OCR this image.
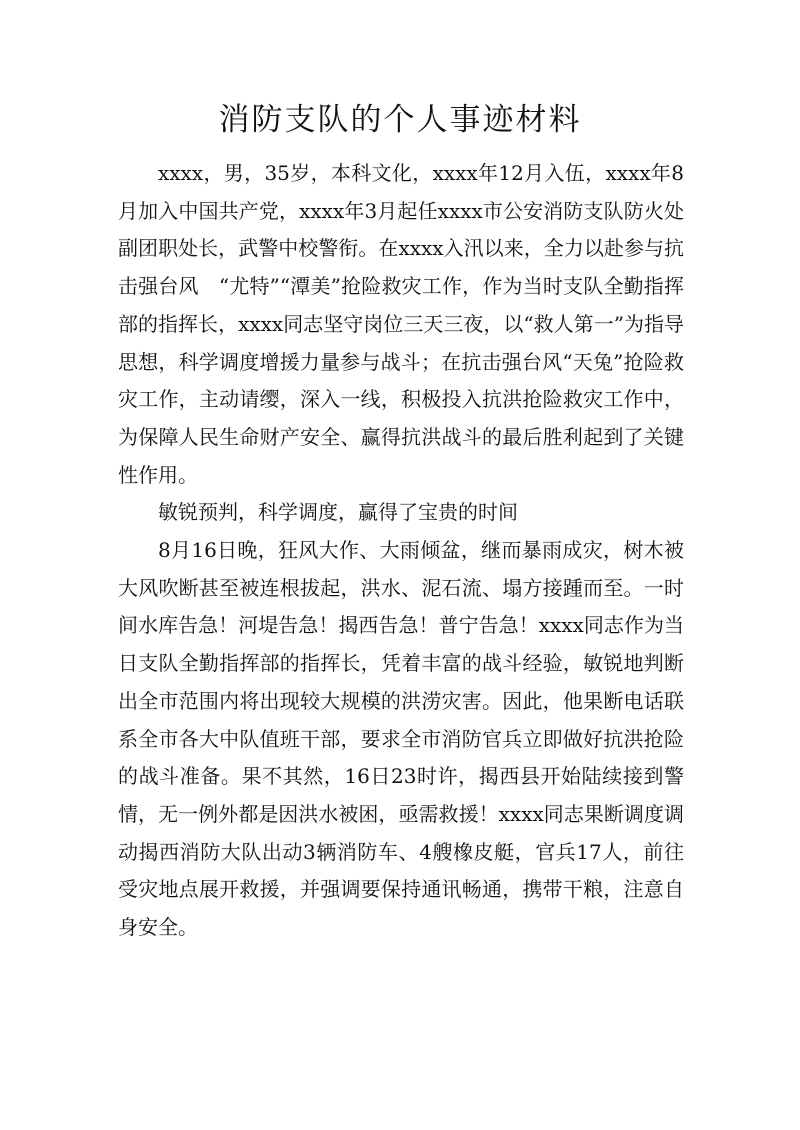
消防支队的个人事迹材料

xxxx，男，35岁，本科文化，xxxx年12月入伍，xxxx年8月加入中国共产党，xxxx年3月起任xxxx市公安消防支队防火处副团职处长，武警中校警衔。在xxxx入汛以来，全力以赴参与抗击强台风　“尤特”“潭美”抢险救灾工作，作为当时支队全勤指挥部的指挥长，xxxx同志坚守岗位三天三夜，以“救人第一”为指导思想，科学调度增援力量参与战斗；在抗击强台风“天兔”抢险救灾工作，主动请缨，深入一线，积极投入抗洪抢险救灾工作中，为保障人民生命财产安全、赢得抗洪战斗的最后胜利起到了关键性作用。

敏锐预判，科学调度，赢得了宝贵的时间

8月16日晚，狂风大作、大雨倾盆，继而暴雨成灾，树木被大风吹断甚至被连根拔起，洪水、泥石流、塌方接踵而至。一时间水库告急！河堤告急！揭西告急！普宁告急！xxxx同志作为当日支队全勤指挥部的指挥长，凭着丰富的战斗经验，敏锐地判断出全市范围内将出现较大规模的洪涝灾害。因此，他果断电话联系全市各大中队值班干部，要求全市消防官兵立即做好抗洪抢险的战斗准备。果不其然，16日23时许，揭西县开始陆续接到警情，无一例外都是因洪水被困，亟需救援！xxxx同志果断调度调动揭西消防大队出动3辆消防车、4艘橡皮艇，官兵17人，前往受灾地点展开救援，并强调要保持通讯畅通，携带干粮，注意自身安全。
